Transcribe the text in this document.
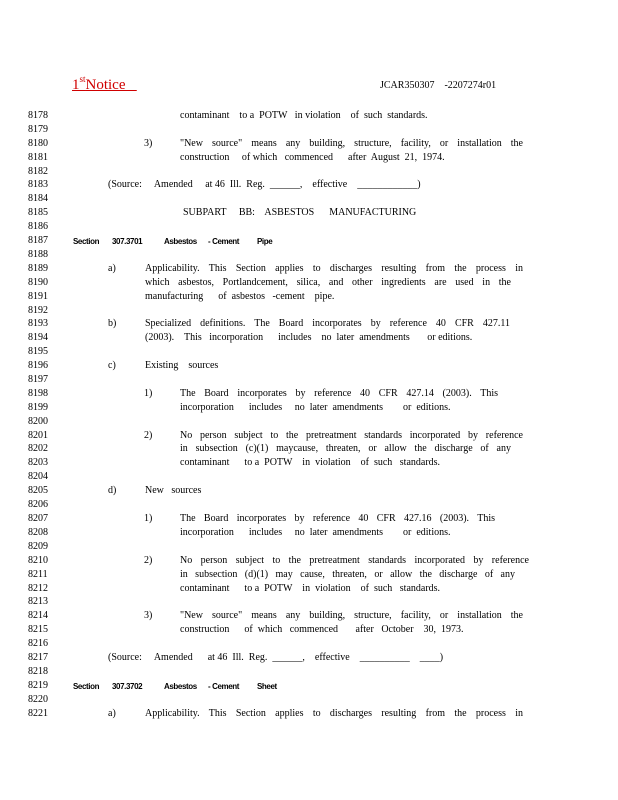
1stNotice	JCAR350307    -2207274r01
8178	contaminant    to a  POTW   in violation    of  such  standards.
8179
8180	3)	"New source" means any building, structure, facility, or installation the
8181	construction     of which   commenced      after  August  21,  1974.
8182
8183	(Source:     Amended     at 46  Ill.  Reg.  ______,    effective    ____________)
8184
8185	SUBPART     BB:    ASBESTOS      MANUFACTURING
8186
8187	Section 307.3701	Asbestos - Cement Pipe
8188
8189	a)	Applicability. This Section applies to discharges resulting from the process in
8190	which asbestos, Portlandcement, silica, and other ingredients are used in the
8191	manufacturing      of  asbestos   -cement    pipe.
8192
8193	b)	Specialized definitions. The Board incorporates by reference 40 CFR 427.11
8194	(2003).    This   incorporation      includes    no  later  amendments       or editions.
8195
8196	c)	Existing    sources
8197
8198	1)	The Board incorporates by reference 40 CFR 427.14 (2003). This
8199	incorporation      includes     no  later  amendments        or  editions.
8200
8201	2)	No person subject to the pretreatment standards incorporated by reference
8202	in subsection (c)(1) maycause, threaten, or allow the discharge of any
8203	contaminant      to a  POTW    in  violation    of  such   standards.
8204
8205	d)	New   sources
8206
8207	1)	The Board incorporates by reference 40 CFR 427.16 (2003). This
8208	incorporation      includes     no  later  amendments        or  editions.
8209
8210	2)	No person subject to the pretreatment standards incorporated by reference
8211	in subsection (d)(1) may cause, threaten, or allow the discharge of any
8212	contaminant      to a  POTW    in  violation    of  such   standards.
8213
8214	3)	"New source" means any building, structure, facility, or installation the
8215	construction      of  which   commenced       after   October    30,  1973.
8216
8217	(Source:     Amended      at 46  Ill.  Reg.  ______,    effective    __________    ____)
8218
8219	Section 307.3702	Asbestos - Cement Sheet
8220
8221	a)	Applicability. This Section applies to discharges resulting from the process in
